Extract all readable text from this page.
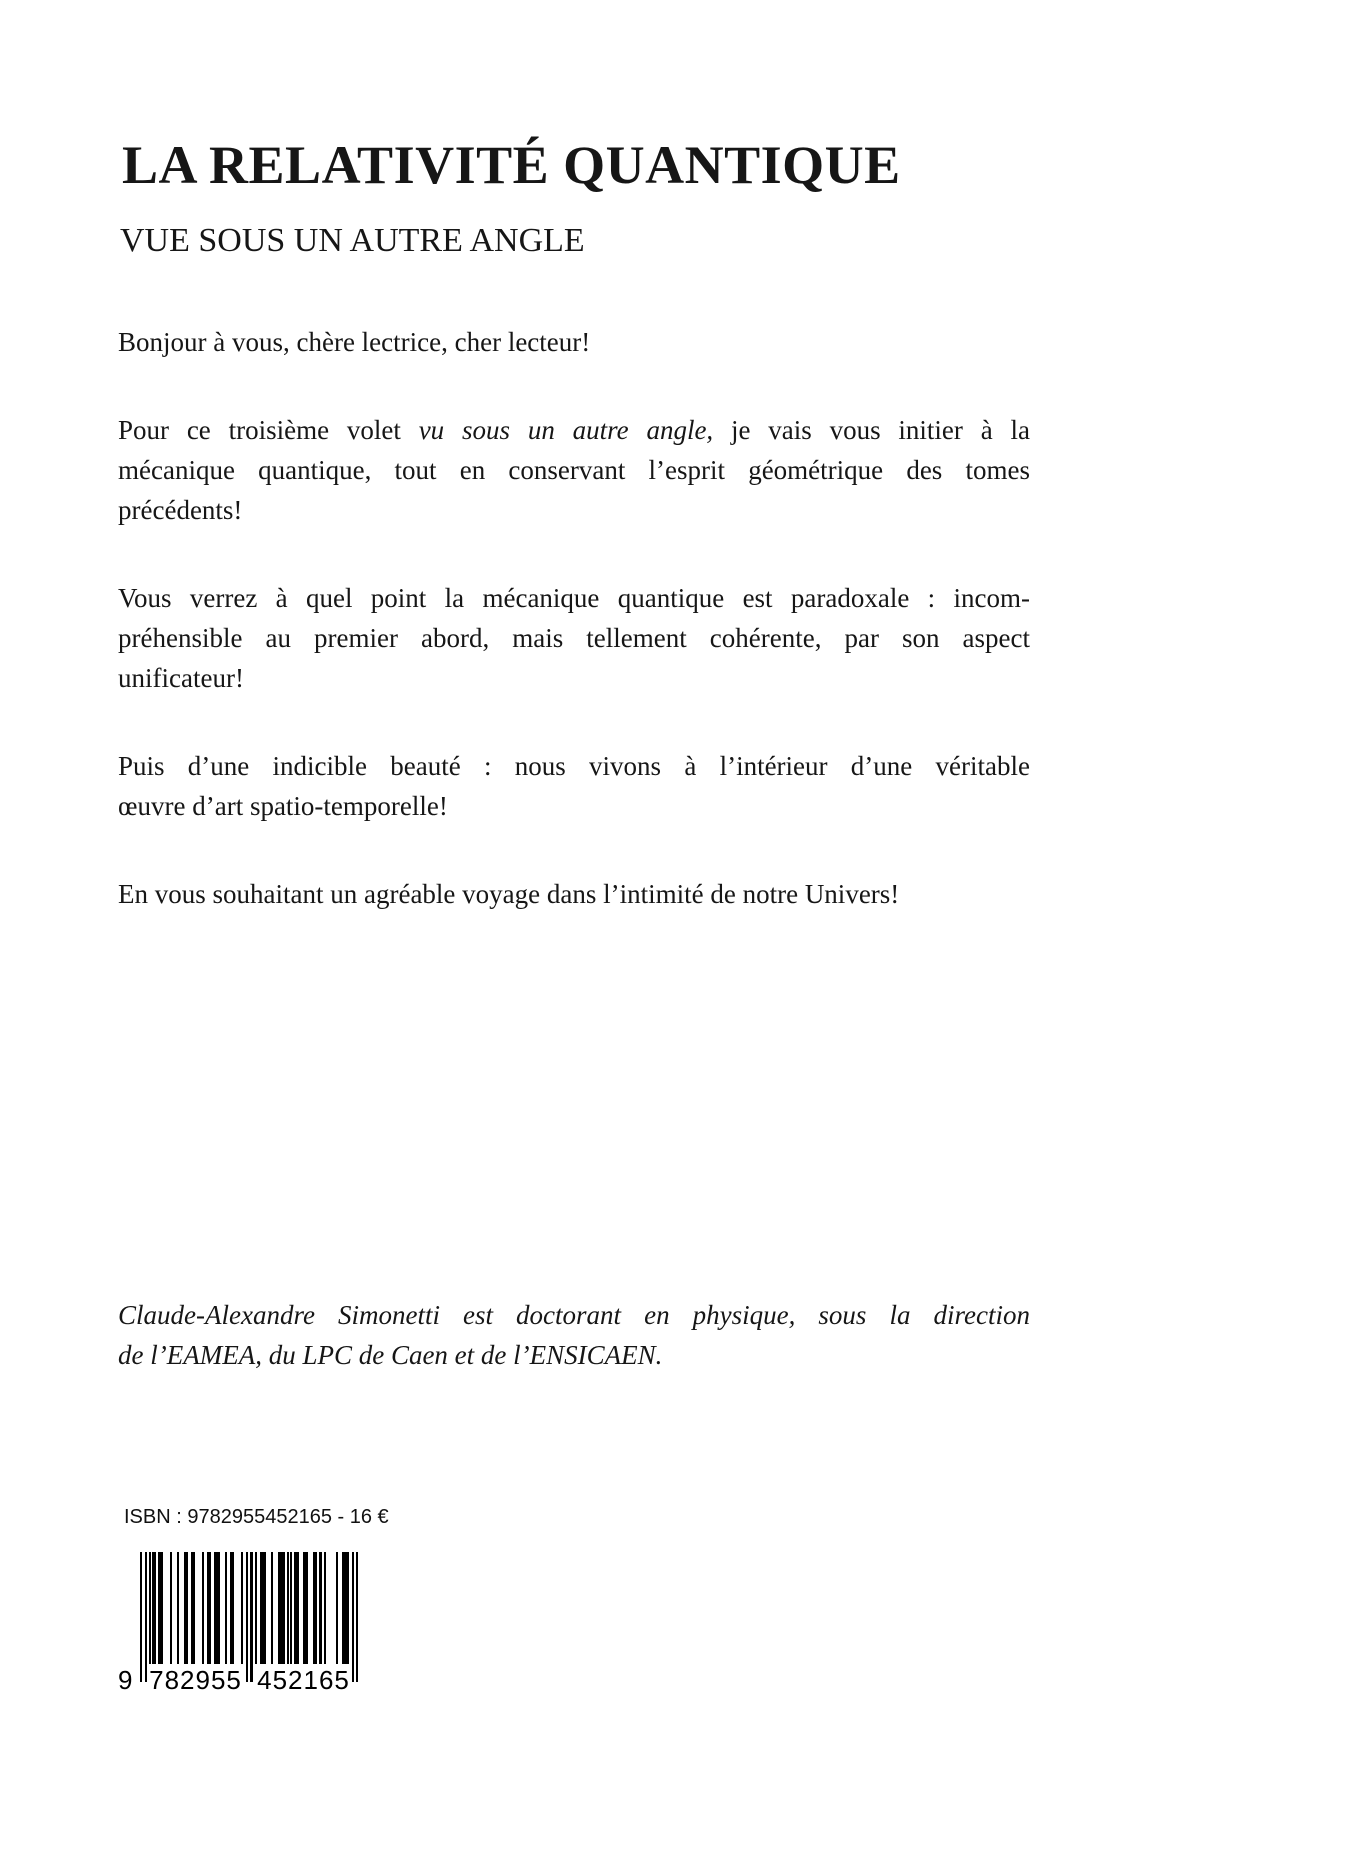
LA RELATIVITÉ QUANTIQUE
VUE SOUS UN AUTRE ANGLE

Bonjour à vous, chère lectrice, cher lecteur!

Pour ce troisième volet vu sous un autre angle, je vais vous initier à la
mécanique quantique, tout en conservant l’esprit géométrique des tomes
précédents!

Vous verrez à quel point la mécanique quantique est paradoxale : incom-
préhensible au premier abord, mais tellement cohérente, par son aspect
unificateur!

Puis d’une indicible beauté : nous vivons à l’intérieur d’une véritable
œuvre d’art spatio-temporelle!

En vous souhaitant un agréable voyage dans l’intimité de notre Univers!

Claude-Alexandre Simonetti est doctorant en physique, sous la direction
de l’EAMEA, du LPC de Caen et de l’ENSICAEN.

ISBN : 9782955452165 - 16 €
9 782955 452165
